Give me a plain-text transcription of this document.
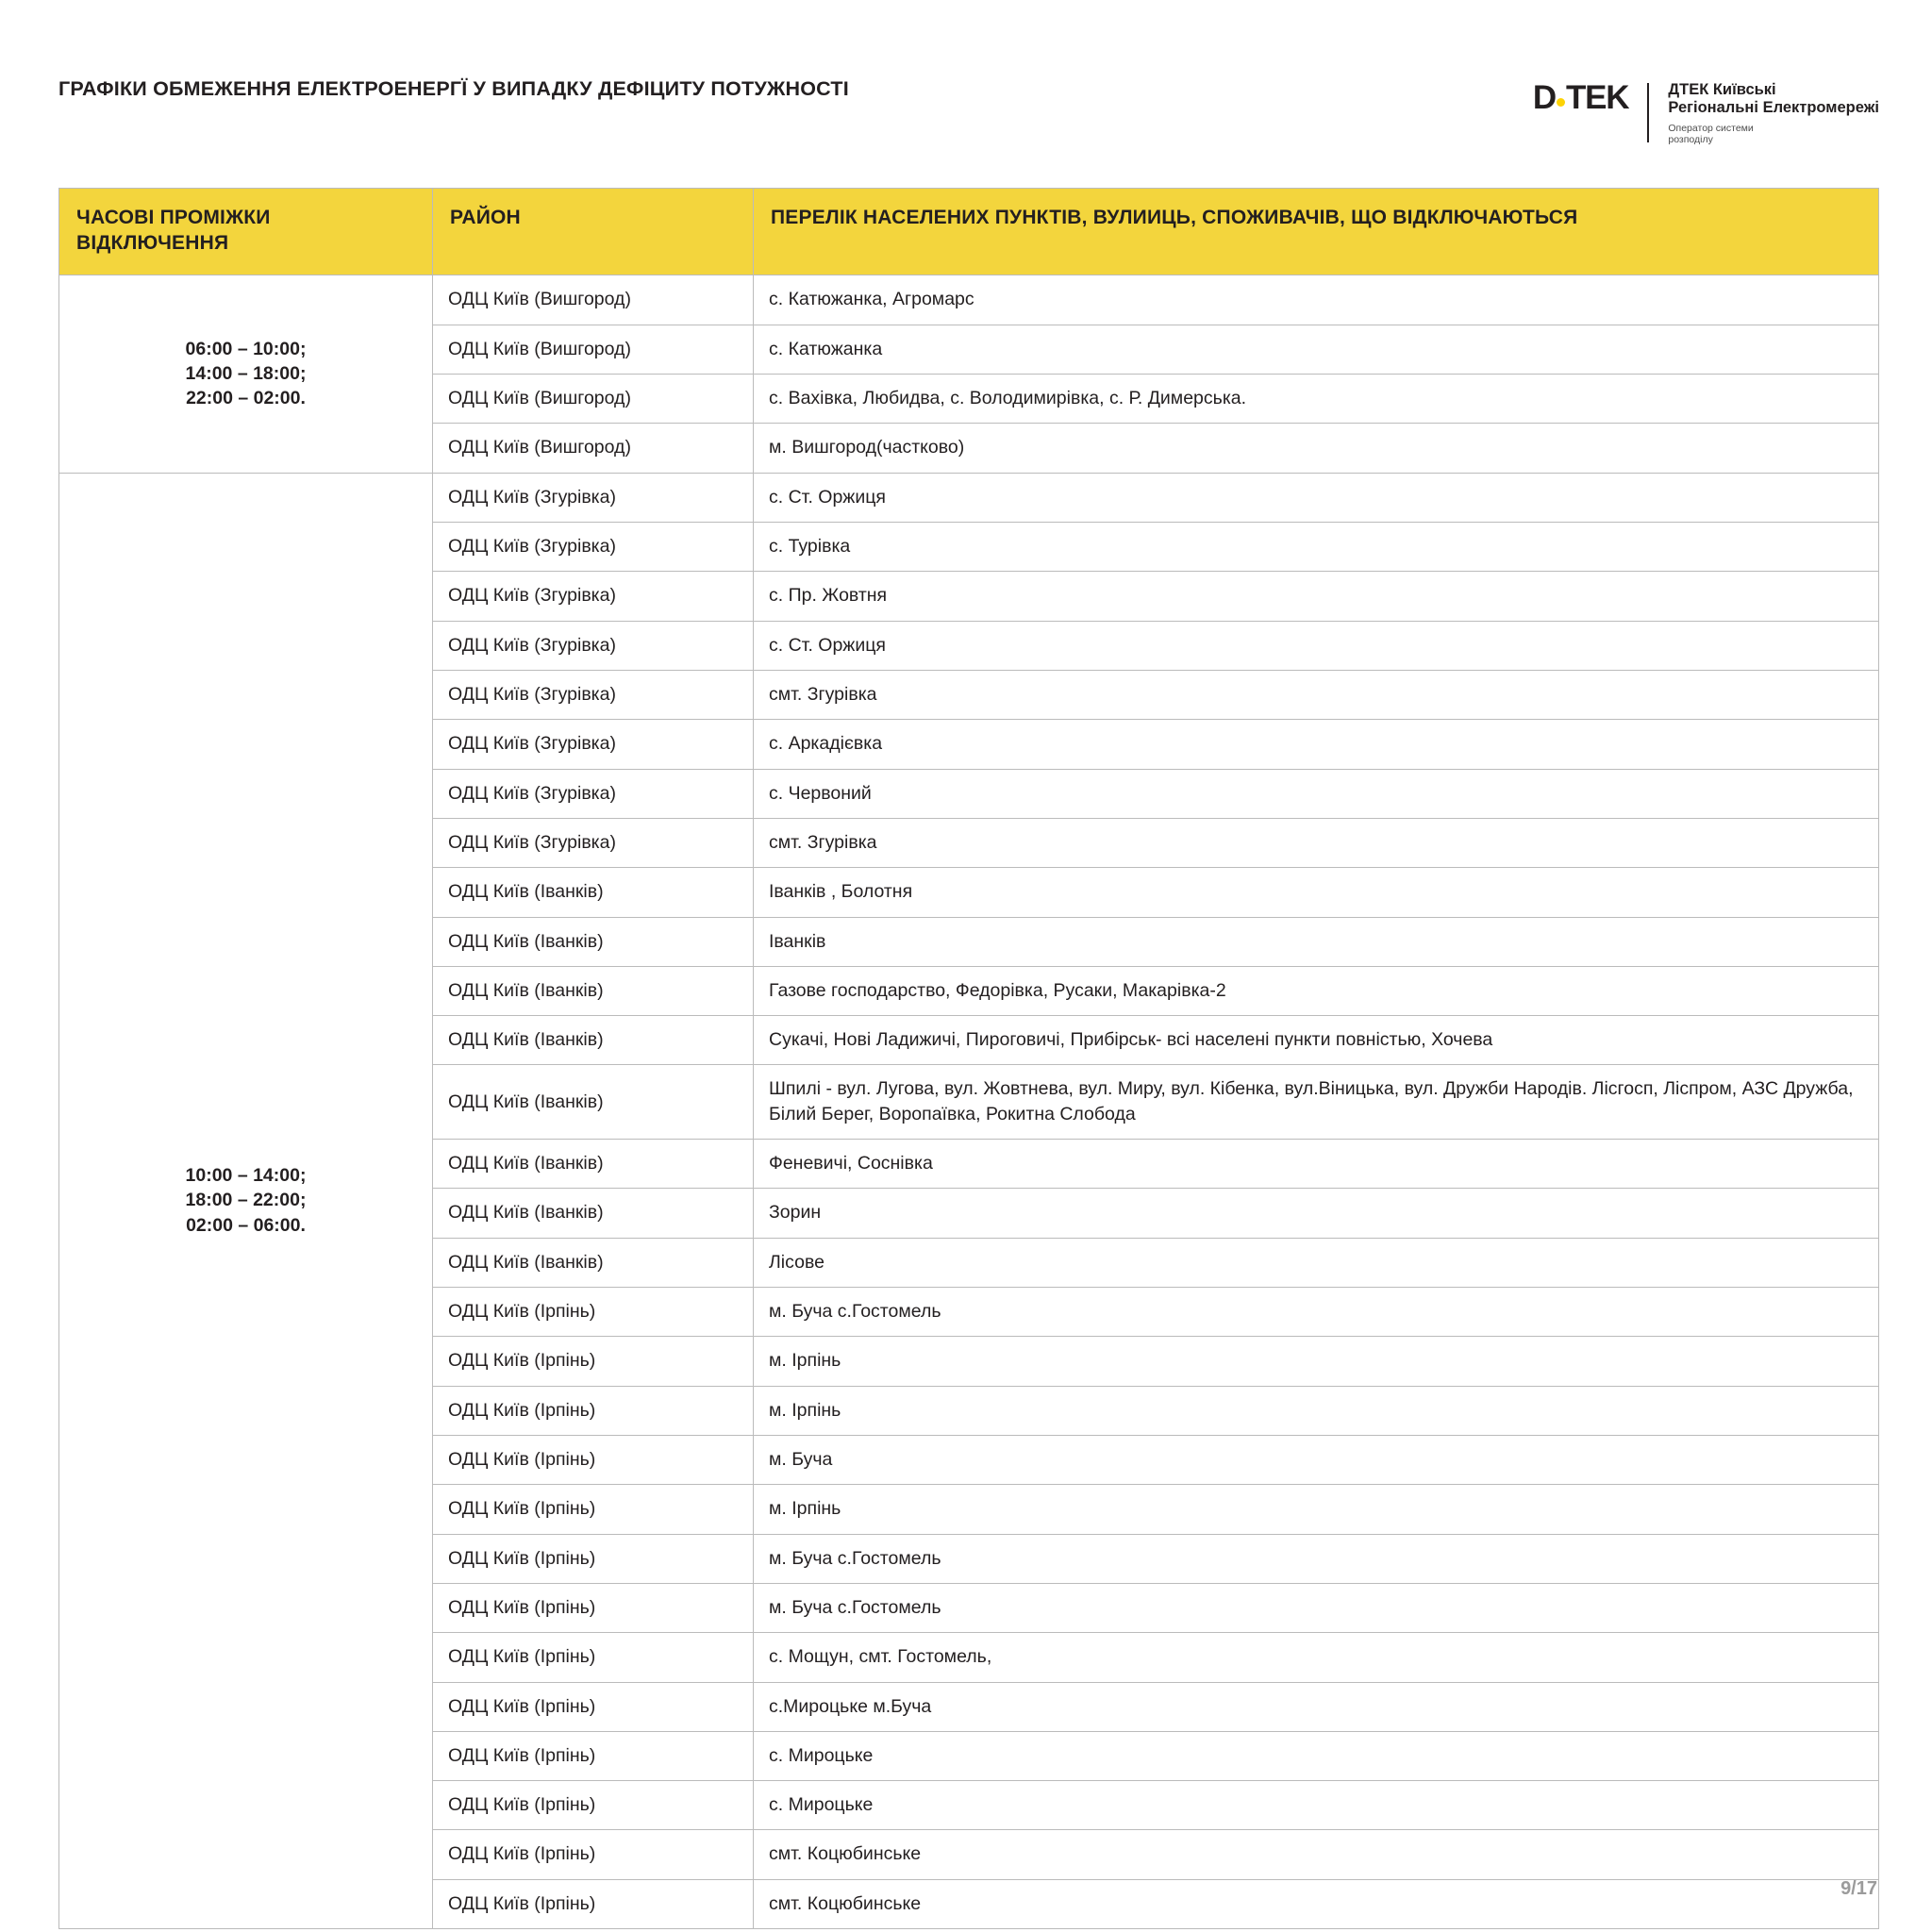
ГРАФІКИ ОБМЕЖЕННЯ ЕЛЕКТРОЕНЕРГЇ У ВИПАДКУ ДЕФІЦИТУ ПОТУЖНОСТІ	D TEK	ДТЕК Київські
Регіональні Електромережі
Оператор системи
розподілу
ЧАСОВІ ПРОМІЖКИ ВІДКЛЮЧЕННЯ	РАЙОН	ПЕРЕЛІК НАСЕЛЕНИХ ПУНКТІВ, ВУЛИИЦЬ, СПОЖИВАЧІВ, ЩО ВІДКЛЮЧАЮТЬСЯ

06:00 – 10:00;
14:00 – 18:00;
22:00 – 02:00.	ОДЦ Київ (Вишгород)	с. Катюжанка, Агромарс
	ОДЦ Київ (Вишгород)	с. Катюжанка
	ОДЦ Київ (Вишгород)	с. Вахівка, Любидва, с. Володимирівка, с. Р. Димерська.
	ОДЦ Київ (Вишгород)	м. Вишгород(частково)

10:00 – 14:00;
18:00 – 22:00;
02:00 – 06:00.	ОДЦ Київ (Згурівка)	с. Ст. Оржиця
	ОДЦ Київ (Згурівка)	с. Турівка
	ОДЦ Київ (Згурівка)	с. Пр. Жовтня
	ОДЦ Київ (Згурівка)	с. Ст. Оржиця
	ОДЦ Київ (Згурівка)	смт. Згурівка
	ОДЦ Київ (Згурівка)	с. Аркадієвка
	ОДЦ Київ (Згурівка)	с. Червоний
	ОДЦ Київ (Згурівка)	смт. Згурівка
	ОДЦ Київ (Іванків)	Іванків , Болотня
	ОДЦ Київ (Іванків)	Іванків
	ОДЦ Київ (Іванків)	Газове господарство, Федорівка, Русаки, Макарівка-2
	ОДЦ Київ (Іванків)	Сукачі, Нові Ладижичі, Пироговичі, Прибірськ- всі населені пункти повністью, Хочева
	ОДЦ Київ (Іванків)	Шпилі - вул. Лугова, вул. Жовтнева, вул. Миру, вул. Кібенка, вул.Віницька, вул. Дружби Народів. Лісгосп, Ліспром, АЗС Дружба, Білий Берег, Воропаївка, Рокитна Слобода
	ОДЦ Київ (Іванків)	Феневичі, Соснівка
	ОДЦ Київ (Іванків)	Зорин
	ОДЦ Київ (Іванків)	Лісове
	ОДЦ Київ (Ірпінь)	м. Буча с.Гостомель
	ОДЦ Київ (Ірпінь)	м. Ірпінь
	ОДЦ Київ (Ірпінь)	м. Ірпінь
	ОДЦ Київ (Ірпінь)	м. Буча
	ОДЦ Київ (Ірпінь)	м. Ірпінь
	ОДЦ Київ (Ірпінь)	м. Буча с.Гостомель
	ОДЦ Київ (Ірпінь)	м. Буча с.Гостомель
	ОДЦ Київ (Ірпінь)	с. Мощун, смт. Гостомель,
	ОДЦ Київ (Ірпінь)	с.Мироцьке м.Буча
	ОДЦ Київ (Ірпінь)	с. Мироцьке
	ОДЦ Київ (Ірпінь)	с. Мироцьке
	ОДЦ Київ (Ірпінь)	смт. Коцюбинське
	ОДЦ Київ (Ірпінь)	смт. Коцюбинське
9/17
